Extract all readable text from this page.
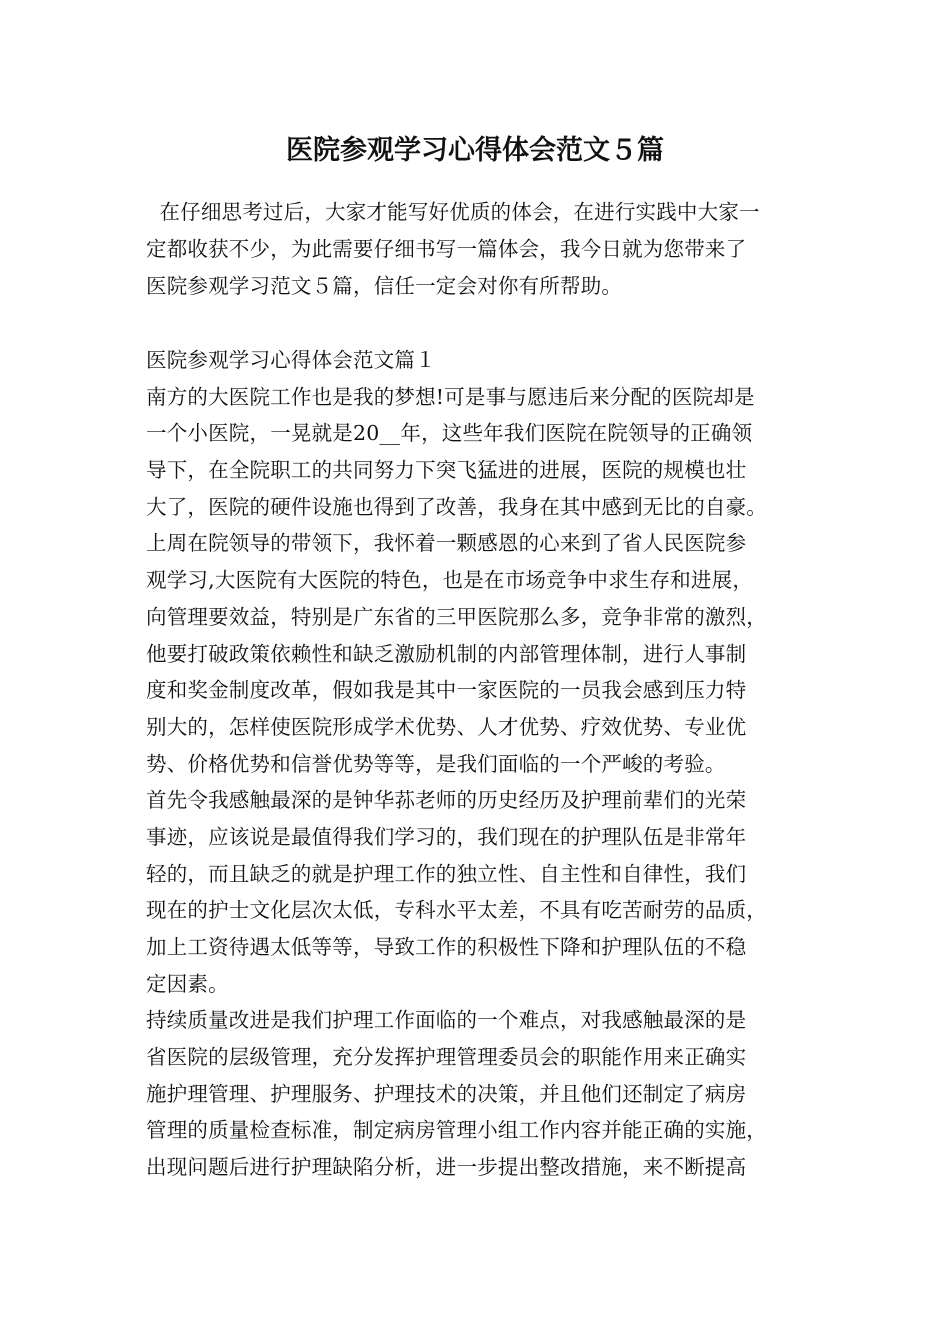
医院参观学习心得体会范文５篇
在仔细思考过后，大家才能写好优质的体会，在进行实践中大家一
定都收获不少，为此需要仔细书写一篇体会，我今日就为您带来了
医院参观学习范文５篇，信任一定会对你有所帮助。
医院参观学习心得体会范文篇１
南方的大医院工作也是我的梦想!可是事与愿违后来分配的医院却是
一个小医院，一晃就是20__年，这些年我们医院在院领导的正确领
导下，在全院职工的共同努力下突飞猛进的进展，医院的规模也壮
大了，医院的硬件设施也得到了改善，我身在其中感到无比的自豪。
上周在院领导的带领下，我怀着一颗感恩的心来到了省人民医院参
观学习,大医院有大医院的特色，也是在市场竞争中求生存和进展，
向管理要效益，特别是广东省的三甲医院那么多，竞争非常的激烈，
他要打破政策依赖性和缺乏激励机制的内部管理体制，进行人事制
度和奖金制度改革，假如我是其中一家医院的一员我会感到压力特
别大的，怎样使医院形成学术优势、人才优势、疗效优势、专业优
势、价格优势和信誉优势等等，是我们面临的一个严峻的考验。
首先令我感触最深的是钟华荪老师的历史经历及护理前辈们的光荣
事迹，应该说是最值得我们学习的，我们现在的护理队伍是非常年
轻的，而且缺乏的就是护理工作的独立性、自主性和自律性，我们
现在的护士文化层次太低，专科水平太差，不具有吃苦耐劳的品质，
加上工资待遇太低等等，导致工作的积极性下降和护理队伍的不稳
定因素。
持续质量改进是我们护理工作面临的一个难点，对我感触最深的是
省医院的层级管理，充分发挥护理管理委员会的职能作用来正确实
施护理管理、护理服务、护理技术的决策，并且他们还制定了病房
管理的质量检查标准，制定病房管理小组工作内容并能正确的实施，
出现问题后进行护理缺陷分析，进一步提出整改措施，来不断提高
